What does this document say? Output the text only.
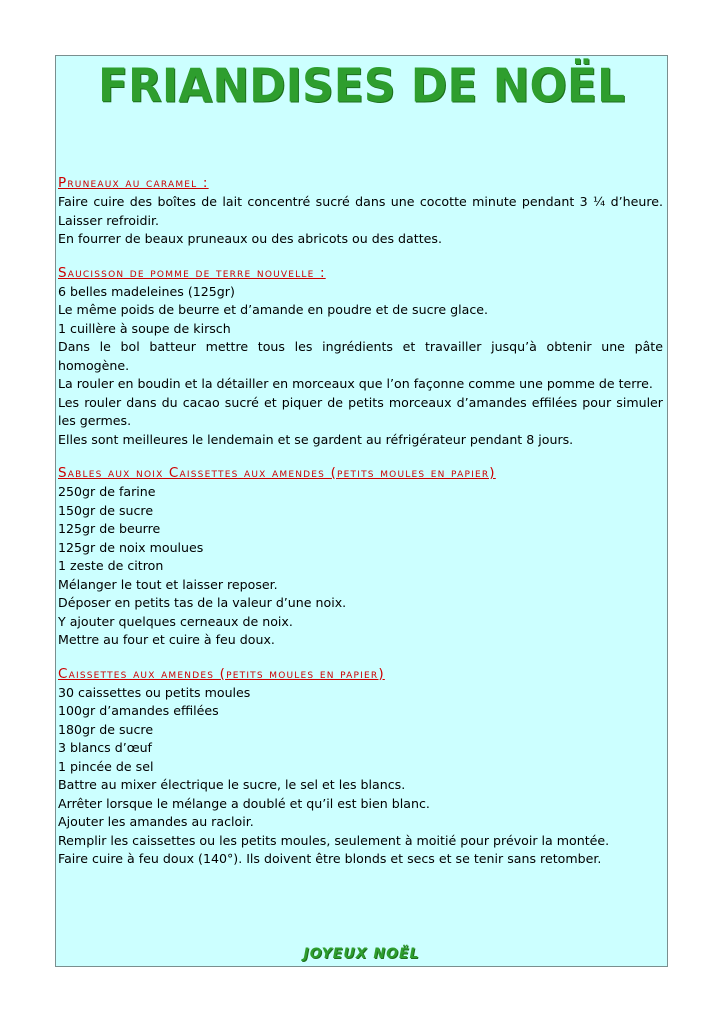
FRIANDISES DE NOËL
Pruneaux au caramel :

Faire cuire des boîtes de lait concentré sucré dans une cocotte minute pendant 3 ¼ d’heure. Laisser refroidir.

En fourrer de beaux pruneaux ou des abricots ou des dattes.

Saucisson de pomme de terre nouvelle :

6 belles madeleines (125gr)

Le même poids de beurre et d’amande en poudre et de sucre glace.

1 cuillère à soupe de kirsch

Dans le bol batteur mettre tous les ingrédients et travailler jusqu’à obtenir une pâte homogène.

La rouler en boudin et la détailler en morceaux que l’on façonne comme une pomme de terre.

Les rouler dans du cacao sucré et piquer de petits morceaux d’amandes effilées pour simuler les germes.

Elles sont meilleures le lendemain et se gardent au réfrigérateur pendant 8 jours.

Sables aux noix Caissettes aux amendes (petits moules en papier)

250gr de farine

150gr de sucre

125gr de beurre

125gr de noix moulues

1 zeste de citron

Mélanger le tout et laisser reposer.

Déposer en petits tas de la valeur d’une noix.

Y ajouter quelques cerneaux de noix.

Mettre au four et cuire à feu doux.

Caissettes aux amendes (petits moules en papier)

30 caissettes ou petits moules

100gr d’amandes effilées

180gr de sucre

3 blancs d’œuf

1 pincée de sel

Battre au mixer électrique le sucre, le sel et les blancs.

Arrêter lorsque le mélange a doublé et qu’il est bien blanc.

Ajouter les amandes au racloir.

Remplir les caissettes ou les petits moules, seulement à moitié pour prévoir la montée.

Faire cuire à feu doux (140°). Ils doivent être blonds et secs et se tenir sans retomber.

JOYEUX NOËL
